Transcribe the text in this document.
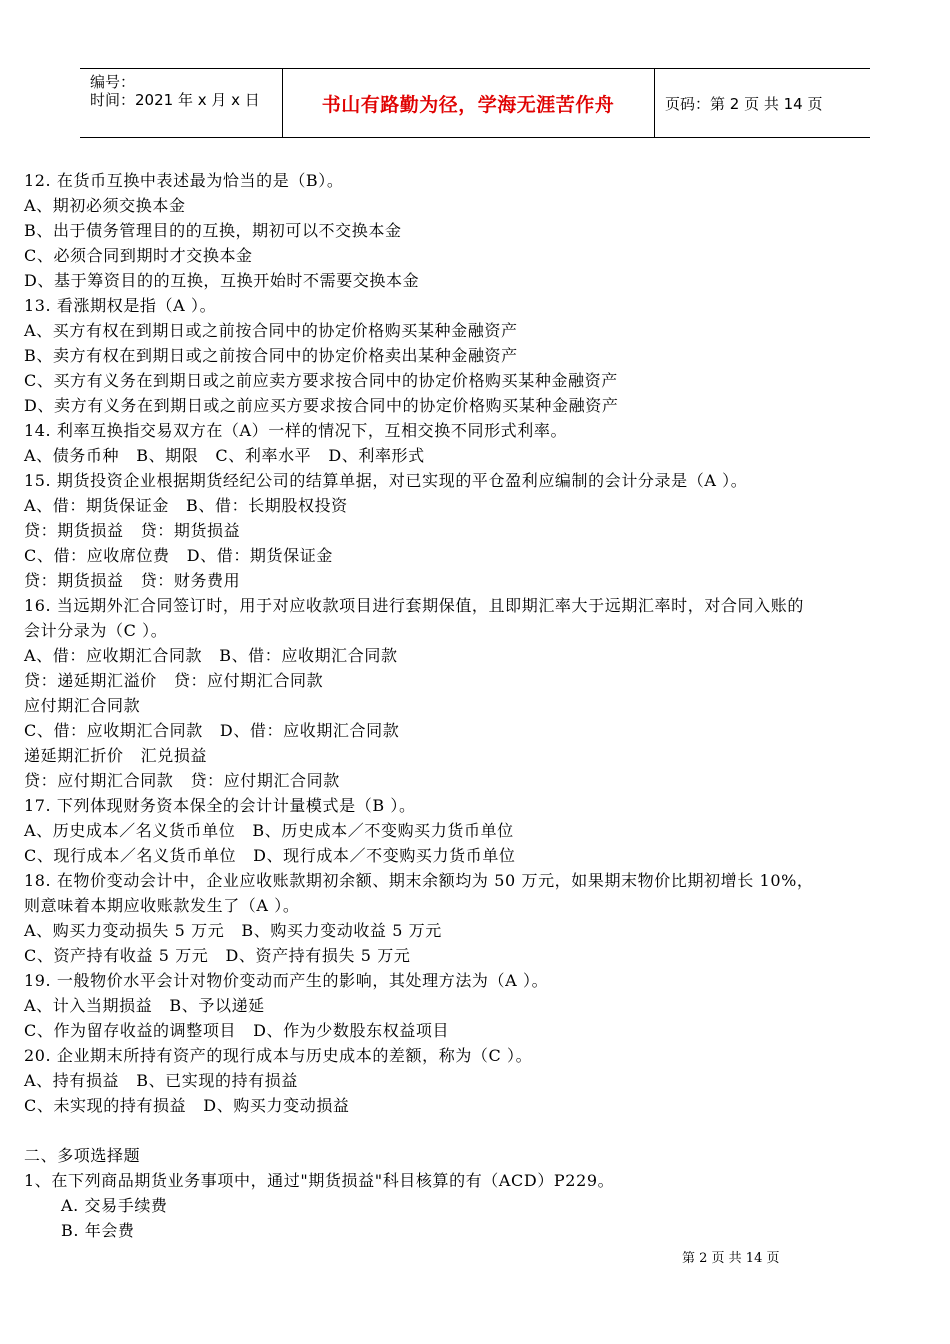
编号：
时间：2021 年 x 月 x 日	书山有路勤为径，学海无涯苦作舟	页码：第 2 页 共 14 页
12. 在货币互换中表述最为恰当的是（B）。
A、期初必须交换本金
B、出于债务管理目的的互换，期初可以不交换本金
C、必须合同到期时才交换本金
D、基于筹资目的的互换，互换开始时不需要交换本金
13. 看涨期权是指（A ）。
A、买方有权在到期日或之前按合同中的协定价格购买某种金融资产
B、卖方有权在到期日或之前按合同中的协定价格卖出某种金融资产
C、买方有义务在到期日或之前应卖方要求按合同中的协定价格购买某种金融资产
D、卖方有义务在到期日或之前应买方要求按合同中的协定价格购买某种金融资产
14. 利率互换指交易双方在（A）一样的情况下，互相交换不同形式利率。
A、债务币种   B、期限   C、利率水平   D、利率形式
15. 期货投资企业根据期货经纪公司的结算单据，对已实现的平仓盈利应编制的会计分录是（A ）。
A、借：期货保证金   B、借：长期股权投资
贷：期货损益   贷：期货损益
C、借：应收席位费   D、借：期货保证金
贷：期货损益   贷：财务费用
16. 当远期外汇合同签订时，用于对应收款项目进行套期保值，且即期汇率大于远期汇率时，对合同入账的
会计分录为（C ）。
A、借：应收期汇合同款   B、借：应收期汇合同款
贷：递延期汇溢价   贷：应付期汇合同款
应付期汇合同款
C、借：应收期汇合同款   D、借：应收期汇合同款
递延期汇折价   汇兑损益
贷：应付期汇合同款   贷：应付期汇合同款
17. 下列体现财务资本保全的会计计量模式是（B ）。
A、历史成本／名义货币单位   B、历史成本／不变购买力货币单位
C、现行成本／名义货币单位   D、现行成本／不变购买力货币单位
18. 在物价变动会计中，企业应收账款期初余额、期末余额均为 50 万元，如果期末物价比期初增长 10%，
则意味着本期应收账款发生了（A ）。
A、购买力变动损失 5 万元   B、购买力变动收益 5 万元
C、资产持有收益 5 万元   D、资产持有损失 5 万元
19. 一般物价水平会计对物价变动而产生的影响，其处理方法为（A ）。
A、计入当期损益   B、予以递延
C、作为留存收益的调整项目   D、作为少数股东权益项目
20. 企业期末所持有资产的现行成本与历史成本的差额，称为（C ）。
A、持有损益   B、已实现的持有损益
C、未实现的持有损益   D、购买力变动损益
二、多项选择题
1、在下列商品期货业务事项中，通过"期货损益"科目核算的有（ACD）P229。
A. 交易手续费
B. 年会费
第 2 页 共 14 页
